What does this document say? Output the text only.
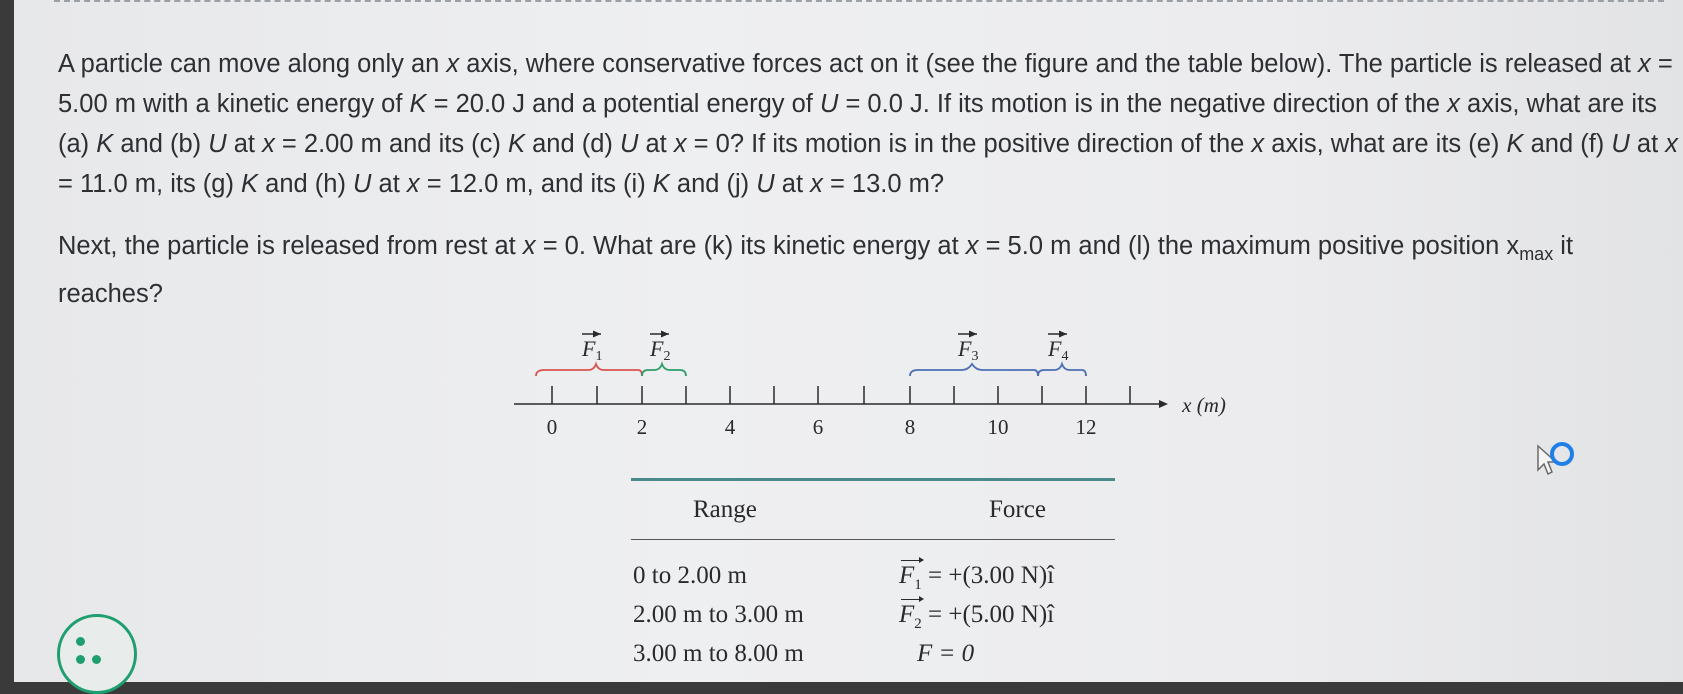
A particle can move along only an x axis, where conservative forces act on it (see the figure and the table below). The particle is released at x = 5.00 m with a kinetic energy of K = 20.0 J and a potential energy of U = 0.0 J. If its motion is in the negative direction of the x axis, what are its (a) K and (b) U at x = 2.00 m and its (c) K and (d) U at x = 0? If its motion is in the positive direction of the x axis, what are its (e) K and (f) U at x = 11.0 m, its (g) K and (h) U at x = 12.0 m, and its (i) K and (j) U at x = 13.0 m?

Next, the particle is released from rest at x = 0. What are (k) its kinetic energy at x = 5.0 m and (l) the maximum positive position $x_{max}$ it reaches?

F1 F2	F3	F4
0	2	4	6	8	10	12
x (m)
Range	Force
0 to 2.00 m	$F_1 = +(3.00$ N)î
2.00 m to 3.00 m	$F_2 = +(5.00$ N)î
3.00 m to 8.00 m	F = 0
